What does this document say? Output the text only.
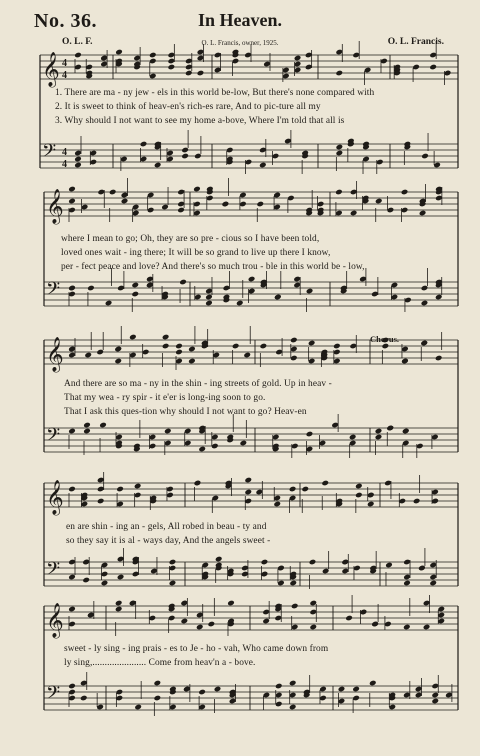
No. 36.	In Heaven.
O. L. F.	O. L. Francis, owner, 1925.	O. L. Francis.
𝄞 4
4
𝄢 4
4
𝄞
𝄢
𝄞
𝄢
𝄞
𝄢
𝄞
𝄢
1. There are ma - ny jew - els in this world be-low, But there's none compared with
2. It is sweet to think of heav-en's rich-es rare, And to pic-ture all my
3. Why should I not want to see my home a-bove, Where I'm told that all is
where I mean to go; Oh, they are so pre - cious so I have been told,
loved ones wait - ing there; It will be so grand to live up there I know,
per - fect peace and love? And there's so much trou - ble in this world be - low,
Chorus.
And there are so ma - ny in the shin - ing streets of gold. Up in heav -
That my wea - ry spir - it e'er is long-ing soon to go.
That I ask this ques-tion why should I not want to go? Heav-en
en are shin - ing an - gels, All robed in beau - ty and
so they say it is al - ways day, And the angels sweet -
sweet - ly sing - ing prais - es to Je - ho - vah, Who came down from
ly sing,...................... Come from heav'n a - bove.
